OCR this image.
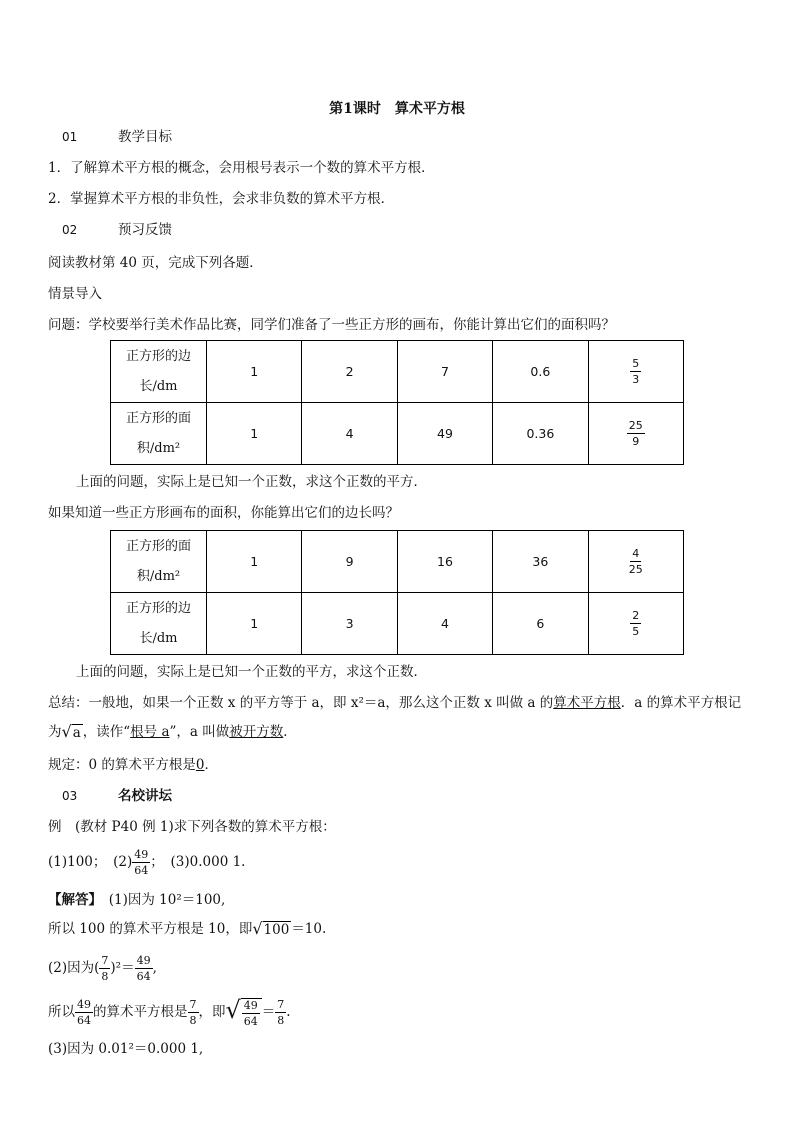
第1课时　算术平方根
01	教学目标
1．了解算术平方根的概念，会用根号表示一个数的算术平方根．
2．掌握算术平方根的非负性，会求非负数的算术平方根．
02	预习反馈
阅读教材第 40 页，完成下列各题．
情景导入
问题：学校要举行美术作品比赛，同学们准备了一些正方形的画布，你能计算出它们的面积吗？
正方形的边
长/dm	1	2	7	0.6	$\frac{5}{3}$

正方形的面
积/dm²	1	4	49	0.36	$\frac{25}{9}$
上面的问题，实际上是已知一个正数，求这个正数的平方．
如果知道一些正方形画布的面积，你能算出它们的边长吗？
正方形的面
积/dm²	1	9	16	36	$\frac{4}{25}$

正方形的边
长/dm	1	3	4	6	$\frac{2}{5}$
上面的问题，实际上是已知一个正数的平方，求这个正数．
总结：一般地，如果一个正数 x 的平方等于 a，即 x²＝a，那么这个正数 x 叫做 a 的算术平方根．a 的算术平方根记
为 √ a ，读作“根号 a”，a 叫做被开方数．
规定：0 的算术平方根是0．
03	名校讲坛
例　(教材 P40 例 1)求下列各数的算术平方根：
(1)100；　$(2) \frac{49}{64}$ ；　(3)0.000 1.
【解答】　(1)因为 10²＝100,
所以 100 的算术平方根是 10，即 √ 100 ＝10.
(2)因为( $\frac{7}{8} )^2= \frac{49}{64}$ ,
所以 $\frac{49}{64}$ 的算术平方根是 $\frac{7}{8}$ ，即 √ $\frac{49}{64} = \frac{7}{8}$ .
(3)因为 0.01²＝0.000 1,
